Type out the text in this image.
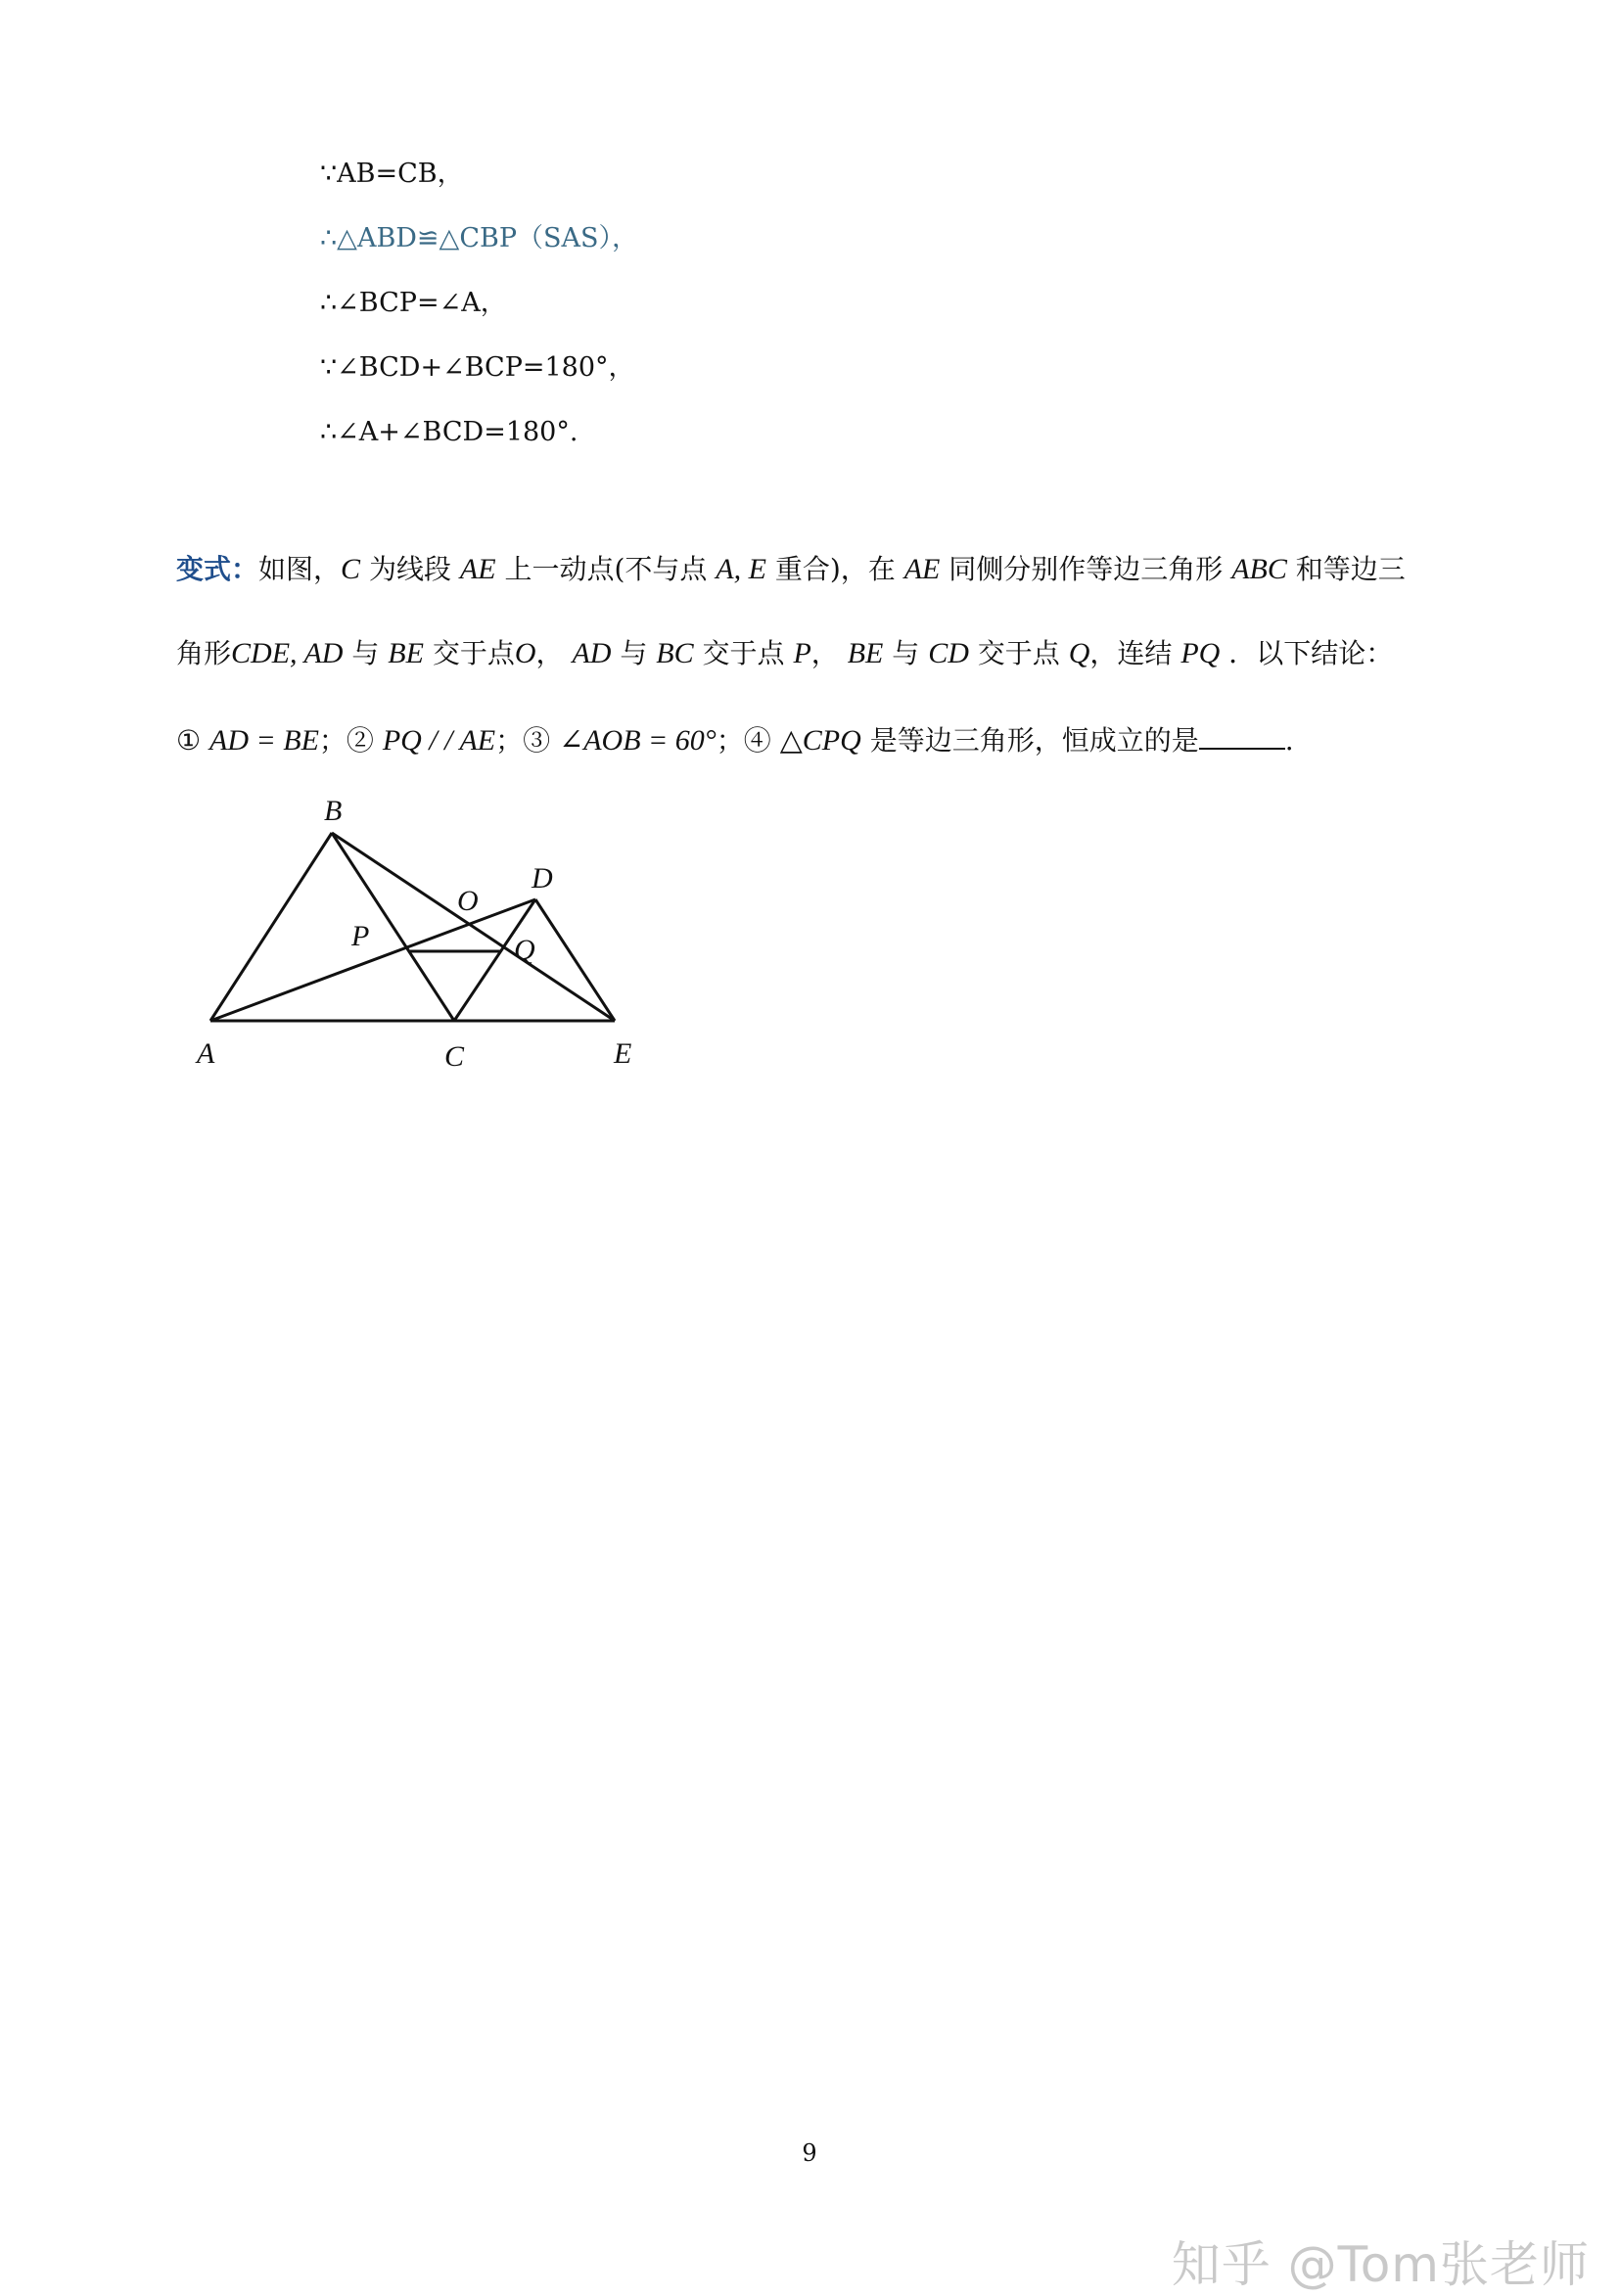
∵AB=CB，
∴△ABD≌△CBP（SAS），
∴∠BCP=∠A，
∵∠BCD+∠BCP=180°，
∴∠A+∠BCD=180°.
变式：如图，C 为线段 AE 上一动点(不与点 A, E 重合)，在 AE 同侧分别作等边三角形 ABC 和等边三
角形CDE, AD 与 BE 交于点O， AD 与 BC 交于点 P， BE 与 CD 交于点 Q，连结 PQ ．以下结论：
① AD = BE；② PQ / / AE；③ ∠AOB = 60°；④ △CPQ 是等边三角形，恒成立的是	.
A
B
C
D
E
O
P	Q
9
知乎 @Tom张老师
